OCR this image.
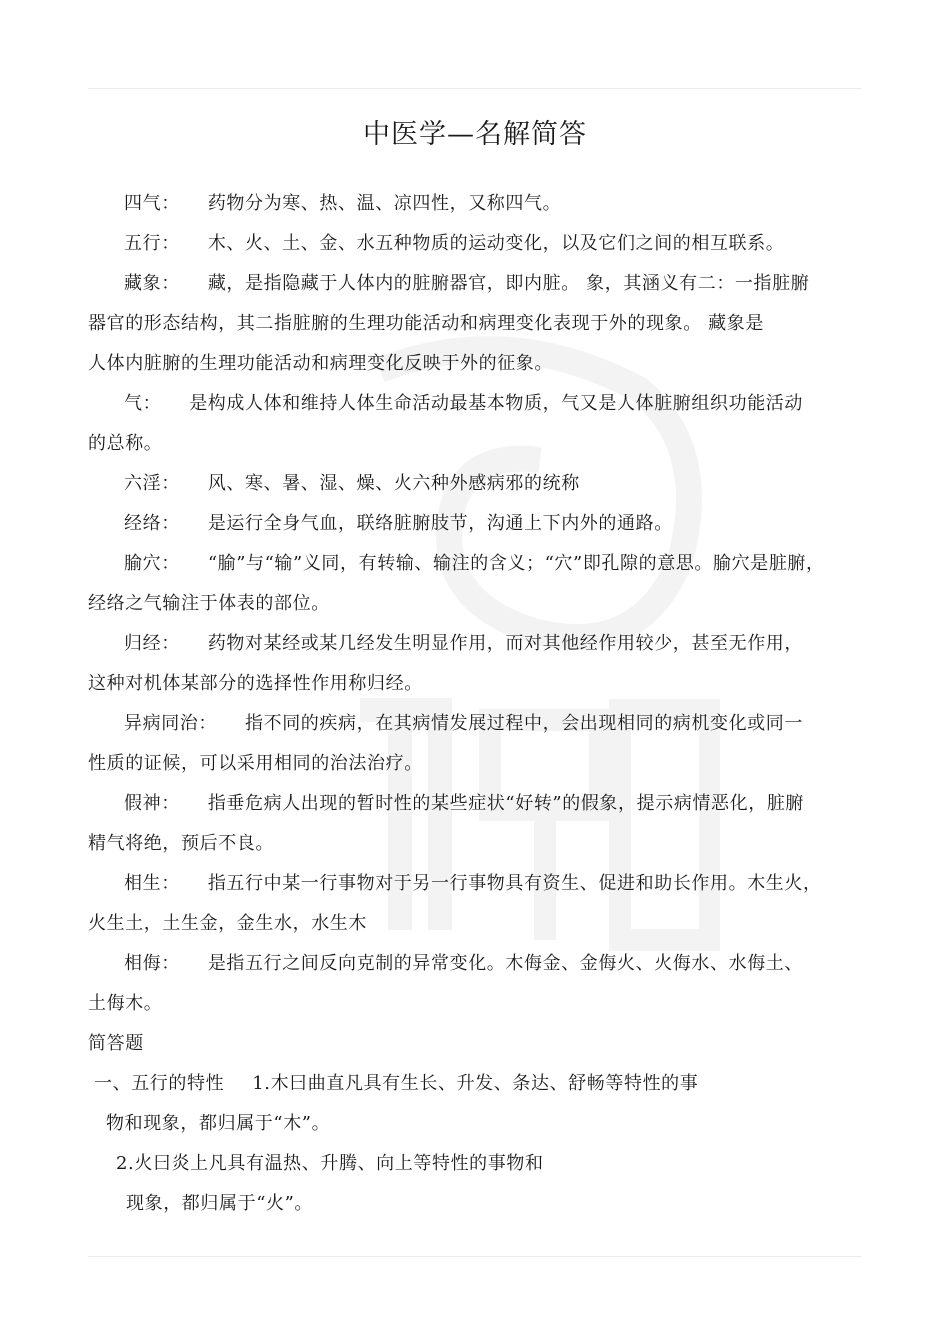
中医学—名解简答

四气： 药物分为寒、热、温、凉四性，又称四气。

五行： 木、火、土、金、水五种物质的运动变化，以及它们之间的相互联系。

藏象： 藏，是指隐藏于人体内的脏腑器官，即内脏。 象，其涵义有二：一指脏腑
器官的形态结构，其二指脏腑的生理功能活动和病理变化表现于外的现象。 藏象是
人体内脏腑的生理功能活动和病理变化反映于外的征象。

气： 是构成人体和维持人体生命活动最基本物质，气又是人体脏腑组织功能活动
的总称。

六淫： 风、寒、暑、湿、燥、火六种外感病邪的统称

经络： 是运行全身气血，联络脏腑肢节，沟通上下内外的通路。

腧穴： “腧”与“输”义同，有转输、输注的含义；“穴”即孔隙的意思。腧穴是脏腑，
经络之气输注于体表的部位。

归经： 药物对某经或某几经发生明显作用，而对其他经作用较少，甚至无作用，
这种对机体某部分的选择性作用称归经。

异病同治： 指不同的疾病，在其病情发展过程中，会出现相同的病机变化或同一
性质的证候，可以采用相同的治法治疗。

假神： 指垂危病人出现的暂时性的某些症状“好转”的假象，提示病情恶化，脏腑
精气将绝，预后不良。

相生： 指五行中某一行事物对于另一行事物具有资生、促进和助长作用。木生火，
火生土，土生金，金生水，水生木

相侮： 是指五行之间反向克制的异常变化。木侮金、金侮火、火侮水、水侮土、
土侮木。

简答题

一、五行的特性 1.木曰曲直凡具有生长、升发、条达、舒畅等特性的事

物和现象，都归属于“木”。

2.火曰炎上凡具有温热、升腾、向上等特性的事物和

现象，都归属于“火”。
